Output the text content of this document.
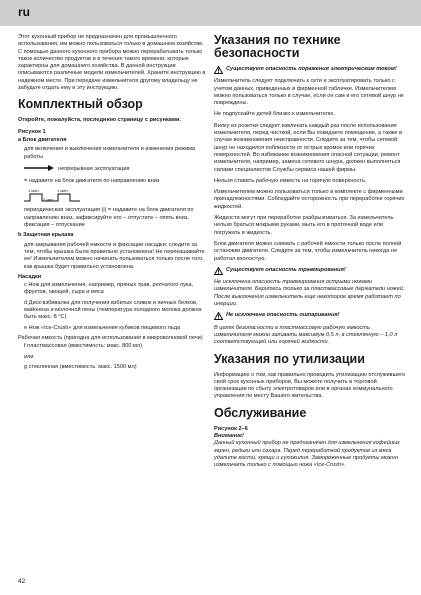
ru

Этот кухонный прибор не предназначен для промышленного использования, им можно пользоваться только в домашнем хозяйстве. С помощью данного кухонного прибора можно перерабатывать только такое количество продуктов и в течение такого времени, которые характерны для домашнего хозяйства. В данной инструкции описываются различные модели измельчителей. Храните инструкцию в надежном месте. При передаче измельчителя другому владельцу не забудьте отдать ему и эту инструкцию.

Комплектный обзор

Откройте, пожалуйста, последнюю страницу с рисунками.

Рисунок 1

а Блок двигателя
для включения и выключения измельчителя и изменения режима работы
непрерывная эксплуатация
= надавите на блок двигателя по направлению вниз
1 мин.
3 мин.
1 мин.
периодическая эксплуатация (i) = надавите на блок двигателя по направлению вниз, зафиксируйте его – отпустите – опять вниз, фиксация – отпускание
b Защитная крышка
для закрывания рабочей емкости и фиксации насадки; следите за тем, чтобы крышка была правильно установлена! Не перекашивайте ее! Измельчителем можно начинать пользоваться только после того, как крышка будет правильно установлена.

Насадки

с Нож для измельчения, например, пряных трав, репчатого лука, фруктов, овощей, сыра и мяса
d Диск-взбивалка для получения взбитых сливок и яичных белков, майонеза и молочной пены (температура холодного молока должна быть макс. 8 °С)
е Нож «Ice-Crush» для измельчения кубиков пищевого льда

Рабочая емкость (пригодна для использования в микроволновой печи)

f пластмассовая (вместимость: макс. 800 мл)
или
g стеклянная (вместимость: макс. 1500 мл)
Указания по технике безопасности
Существует опасность поражения электрическим током!

Измельчитель следует подключать к сети и эксплуатировать только с учетом данных, приведенных в фирменной табличке. Измельчителем можно пользоваться только в случае, если он сам и его сетевой шнур не повреждены.

Не подпускайте детей близко к измельчителю.

Вилку из розетки следует извлекать каждый раз после использования измельчителя, перед чисткой, если Вы покидаете помещение, а также в случае возникновения неисправности. Следите за тем, чтобы сетевой шнур не находился поблизости от острых кромок или горячих поверхностей. Во избежание возникновения опасной ситуации, ремонт измельчителя, например, замена сетевого шнура, должен выполняться силами специалистов Службы сервиса нашей фирмы.

Нельзя ставить рабочую емкость на горячую поверхность.

Измельчителем можно пользоваться только в комплекте с фирменными принадлежностями. Соблюдайте осторожность при переработке горячих жидкостей.

Жидкости могут при переработке разбрызгиваться. За измельчитель нельзя браться мокрыми руками, мыть его в проточной воде или погружать в жидкость.

Блок двигателя можно снимать с рабочей емкости только после полной остановки двигателя. Следите за тем, чтобы измельчитель никогда не работал вхолостую.

Существует опасность травмирования!

Не исключена опасность травмирования острыми ножами измельчителя. Беритесь только за пластмассовые держатели ножей. После выключения измельчитель еще некоторое время работает по инерции.

Не исключена опасность ошпаривания!

В целях безопасности в пластмассовую рабочую емкость измельчителя можно заливать максимум 0,5 л, в стеклянную – 1,0 л соответствующей или горячей жидкости.

Указания по утилизации

Информацию о том, как правильно проводить утилизацию отслужившего свой срок кухонных приборов, Вы можете получить в торговой организации по сбыту электротоваров или в органах коммунального управления по месту Вашего жительства.

Обслуживание

Рисунок 2–6

Внимание!

Данный кухонный прибор не предназначен для измельчения кофейных зерен, редьки или сахара. Перед переработкой продуктов из мяса удалите кости, хрящи и сухожилия. Замороженные продукты можно измельчать только с помощью ножа «Ice-Crush».

42
